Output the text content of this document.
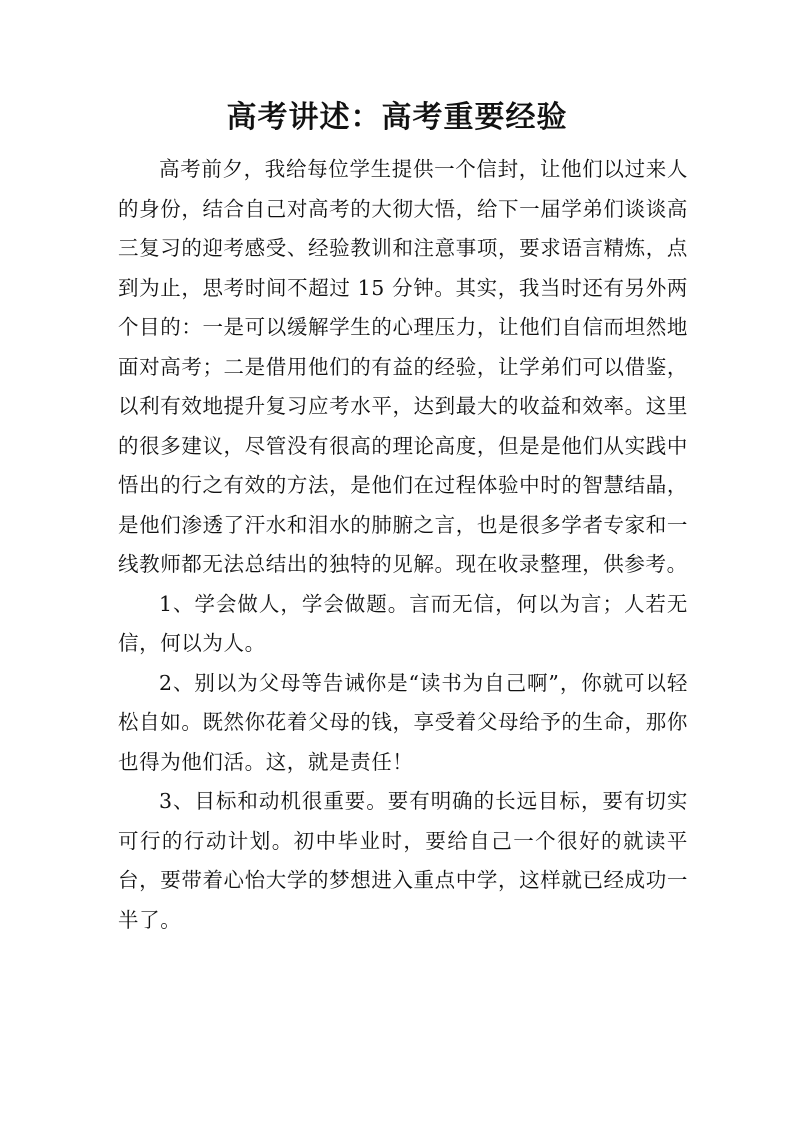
高考讲述：高考重要经验

高考前夕，我给每位学生提供一个信封，让他们以过来人的身份，结合自己对高考的大彻大悟，给下一届学弟们谈谈高三复习的迎考感受、经验教训和注意事项，要求语言精炼，点到为止，思考时间不超过 15 分钟。其实，我当时还有另外两个目的：一是可以缓解学生的心理压力，让他们自信而坦然地面对高考；二是借用他们的有益的经验，让学弟们可以借鉴，以利有效地提升复习应考水平，达到最大的收益和效率。这里的很多建议，尽管没有很高的理论高度，但是是他们从实践中悟出的行之有效的方法，是他们在过程体验中时的智慧结晶，是他们渗透了汗水和泪水的肺腑之言，也是很多学者专家和一线教师都无法总结出的独特的见解。现在收录整理，供参考。

1、学会做人，学会做题。言而无信，何以为言；人若无信，何以为人。

2、别以为父母等告诫你是“读书为自己啊”，你就可以轻松自如。既然你花着父母的钱，享受着父母给予的生命，那你也得为他们活。这，就是责任！

3、目标和动机很重要。要有明确的长远目标，要有切实可行的行动计划。初中毕业时，要给自己一个很好的就读平台，要带着心怡大学的梦想进入重点中学，这样就已经成功一半了。
